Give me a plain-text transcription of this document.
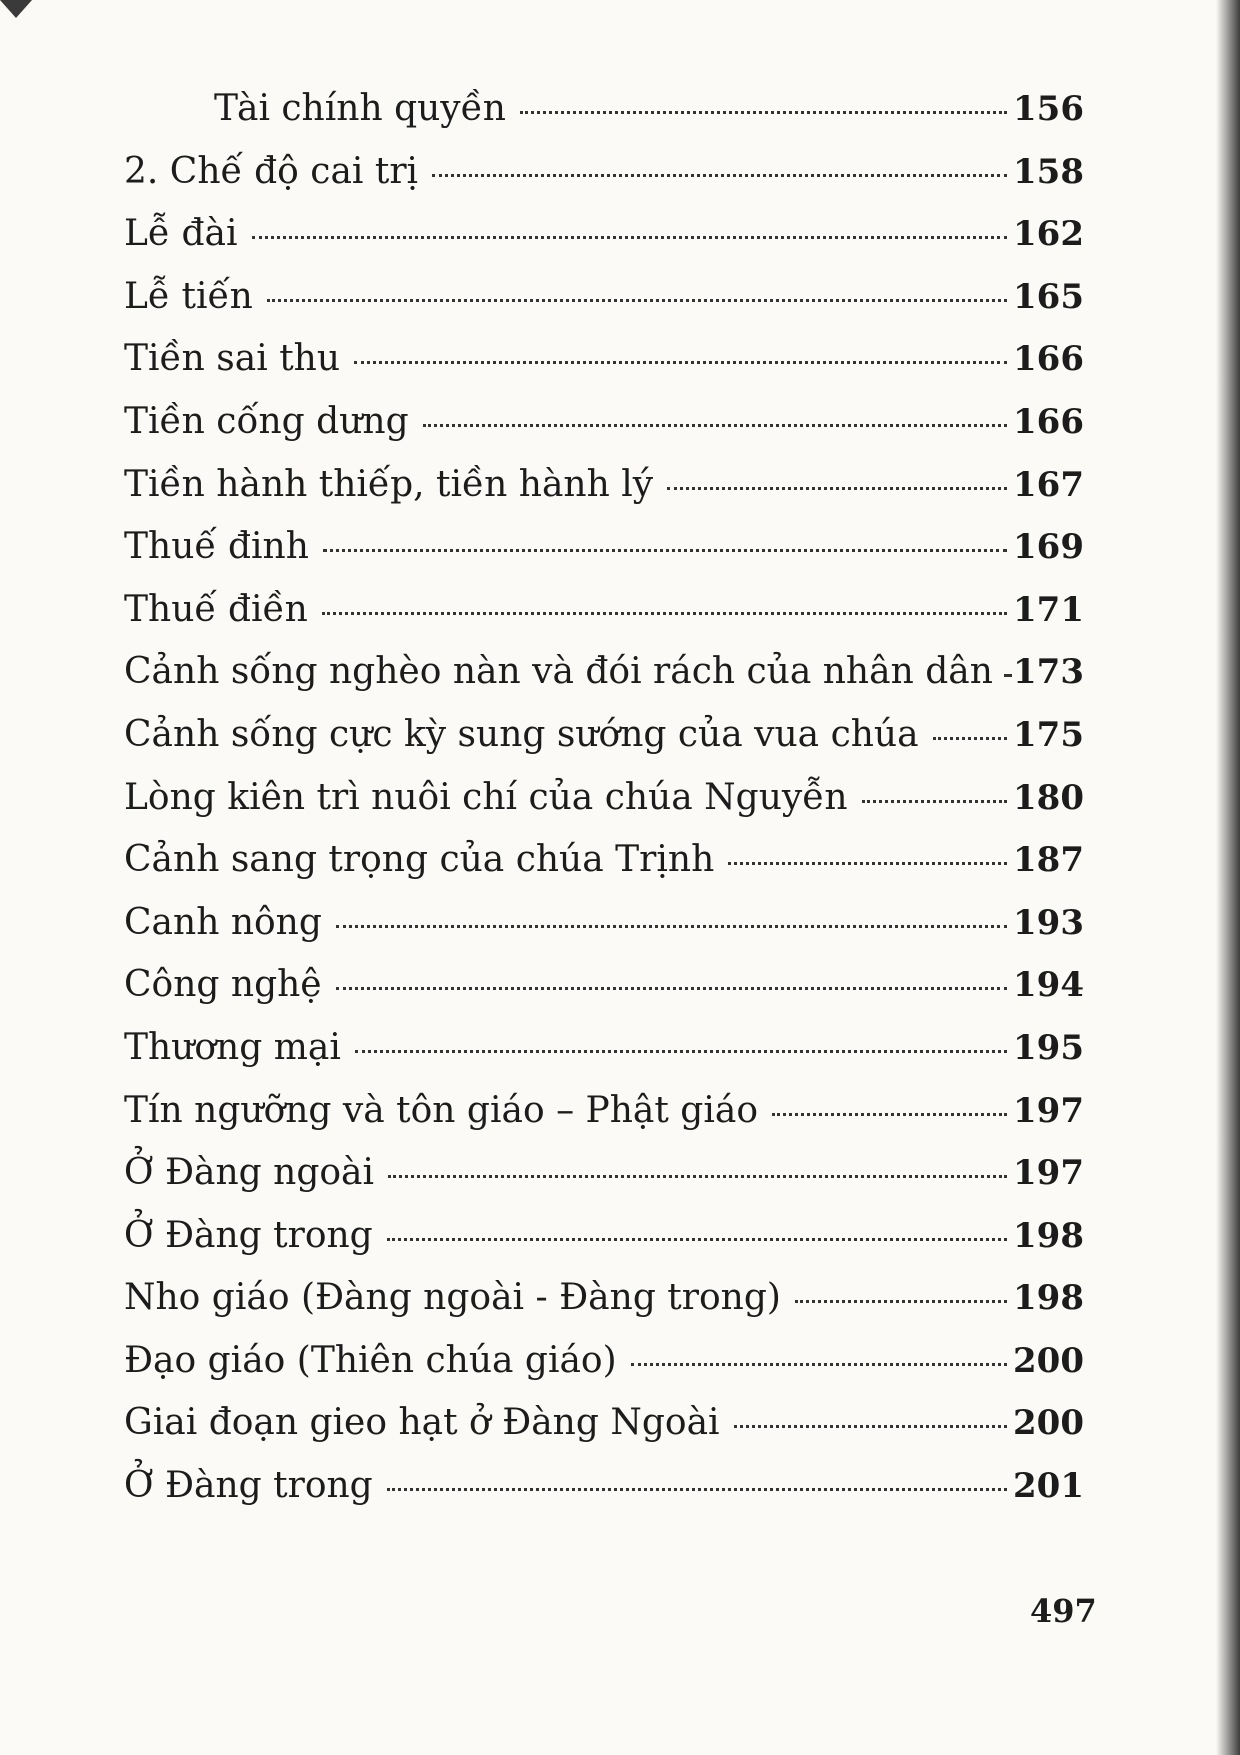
Tài chính quyền	156
2. Chế độ cai trị	158
Lễ đài	162
Lễ tiến	165
Tiền sai thu	166
Tiền cống dưng	166
Tiền hành thiếp, tiền hành lý	167
Thuế đinh	169
Thuế điền	171
Cảnh sống nghèo nàn và đói rách của nhân dân 173
Cảnh sống cực kỳ sung sướng của vua chúa	175
Lòng kiên trì nuôi chí của chúa Nguyễn	180
Cảnh sang trọng của chúa Trịnh	187
Canh nông	193
Công nghệ	194
Thương mại	195
Tín ngưỡng và tôn giáo – Phật giáo	197
Ở Đàng ngoài	197
Ở Đàng trong	198
Nho giáo (Đàng ngoài - Đàng trong)	198
Đạo giáo (Thiên chúa giáo)	200
Giai đoạn gieo hạt ở Đàng Ngoài	200
Ở Đàng trong	201
497
